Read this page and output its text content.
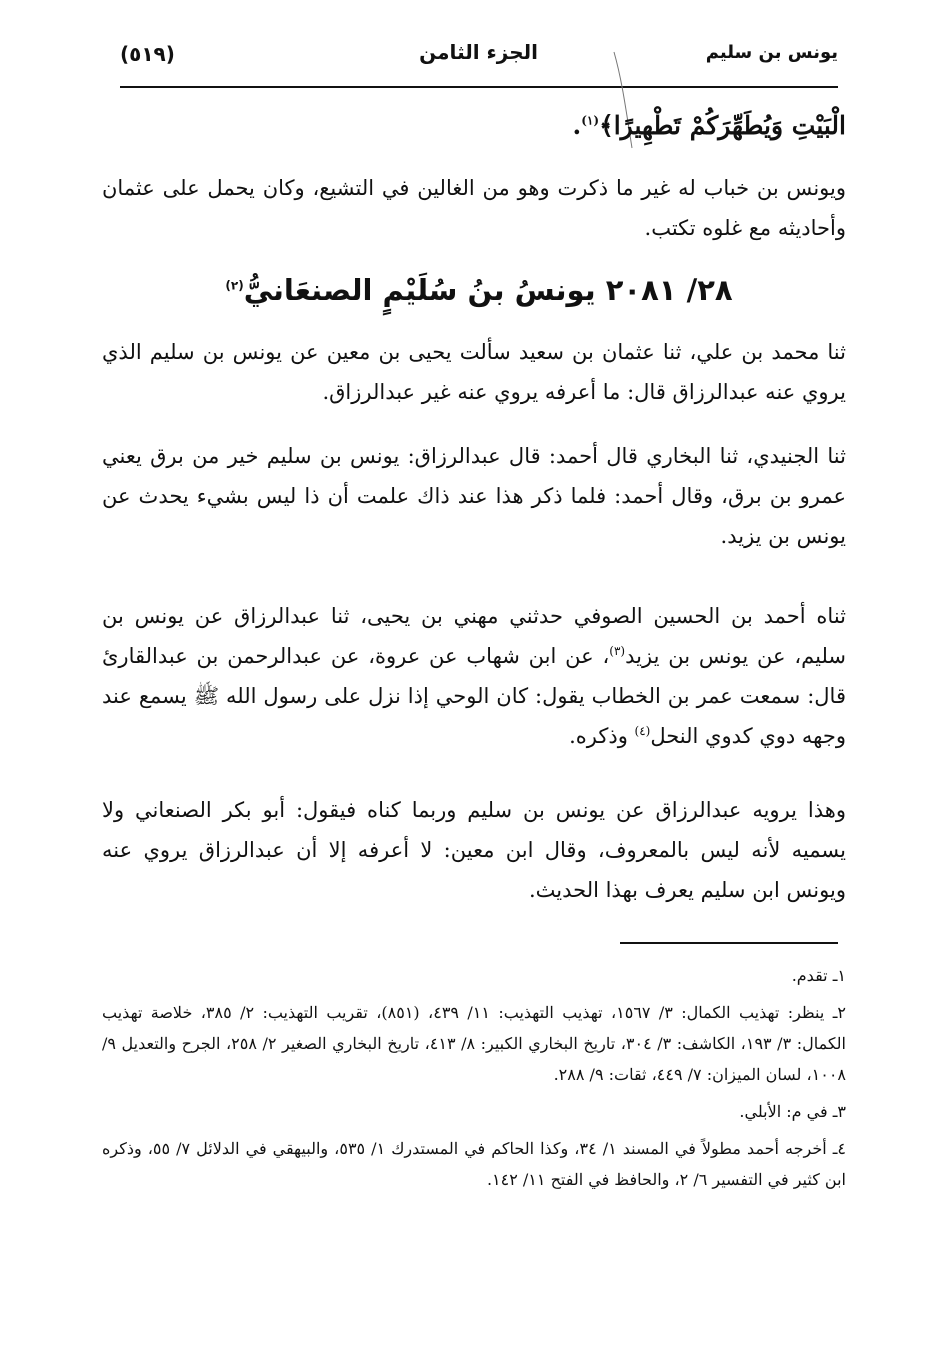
يونس بن سليم
الجزء الثامن
(٥١٩)
الْبَيْتِ وَيُطَهِّرَكُمْ تَطْهِيرًا﴾$^{(١)}$.

ويونس بن خباب له غير ما ذكرت وهو من الغالين في التشيع، وكان يحمل على عثمان وأحاديثه مع غلوه تكتب.

٢٨/ ٢٠٨١ يونسُ بنُ سُلَيْمٍ الصنعَانيُّ$^{(٢)}$

ثنا محمد بن علي، ثنا عثمان بن سعيد سألت يحيى بن معين عن يونس بن سليم الذي يروي عنه عبدالرزاق قال: ما أعرفه يروي عنه غير عبدالرزاق.

ثنا الجنيدي، ثنا البخاري قال أحمد: قال عبدالرزاق: يونس بن سليم خير من برق يعني عمرو بن برق، وقال أحمد: فلما ذكر هذا عند ذاك علمت أن ذا ليس بشيء يحدث عن يونس بن يزيد.

ثناه أحمد بن الحسين الصوفي حدثني مهني بن يحيى، ثنا عبدالرزاق عن يونس بن سليم، عن يونس بن يزيد$^{(٣)}$، عن ابن شهاب عن عروة، عن عبدالرحمن بن عبدالقارئ قال: سمعت عمر بن الخطاب يقول: كان الوحي إذا نزل على رسول الله ﷺ يسمع عند وجهه دوي كدوي النحل$^{(٤)}$ وذكره.

وهذا يرويه عبدالرزاق عن يونس بن سليم وربما كناه فيقول: أبو بكر الصنعاني ولا يسميه لأنه ليس بالمعروف، وقال ابن معين: لا أعرفه إلا أن عبدالرزاق يروي عنه ويونس ابن سليم يعرف بهذا الحديث.

١ـ تقدم.

٢ـ ينظر: تهذيب الكمال: ٣/ ١٥٦٧، تهذيب التهذيب: ١١/ ٤٣٩، (٨٥١)، تقريب التهذيب: ٢/ ٣٨٥، خلاصة تهذيب الكمال: ٣/ ١٩٣، الكاشف: ٣/ ٣٠٤، تاريخ البخاري الكبير: ٨/ ٤١٣، تاريخ البخاري الصغير ٢/ ٢٥٨، الجرح والتعديل ٩/ ١٠٠٨، لسان الميزان: ٧/ ٤٤٩، ثقات: ٩/ ٢٨٨.

٣ـ في م: الأبلي.

٤ـ أخرجه أحمد مطولاً في المسند ١/ ٣٤، وكذا الحاكم في المستدرك ١/ ٥٣٥، والبيهقي في الدلائل ٧/ ٥٥، وذكره ابن كثير في التفسير ٦/ ٢، والحافظ في الفتح ١١/ ١٤٢.
